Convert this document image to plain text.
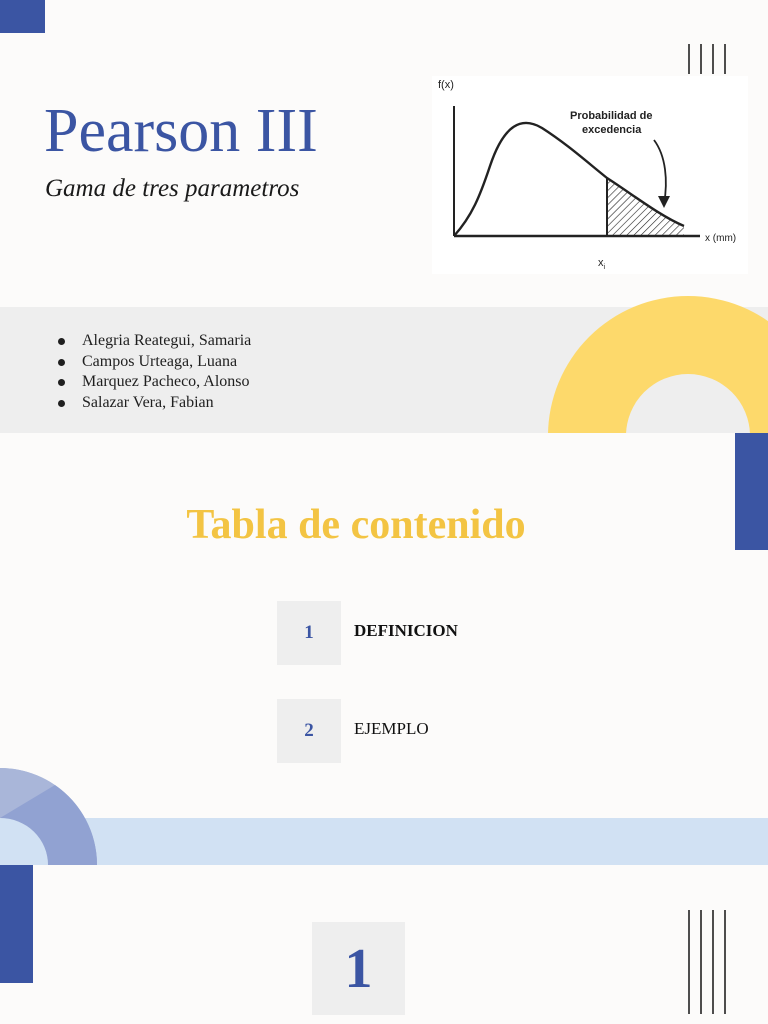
Pearson III

Gama de tres parametros

f(x)
Probabilidad de
excedencia
x (mm)
$x_i$
Alegria Reategui, Samaria
Campos Urteaga, Luana
Marquez Pacheco, Alonso
Salazar Vera, Fabian
Tabla de contenido
1 DEFINICION
2 EJEMPLO
1
